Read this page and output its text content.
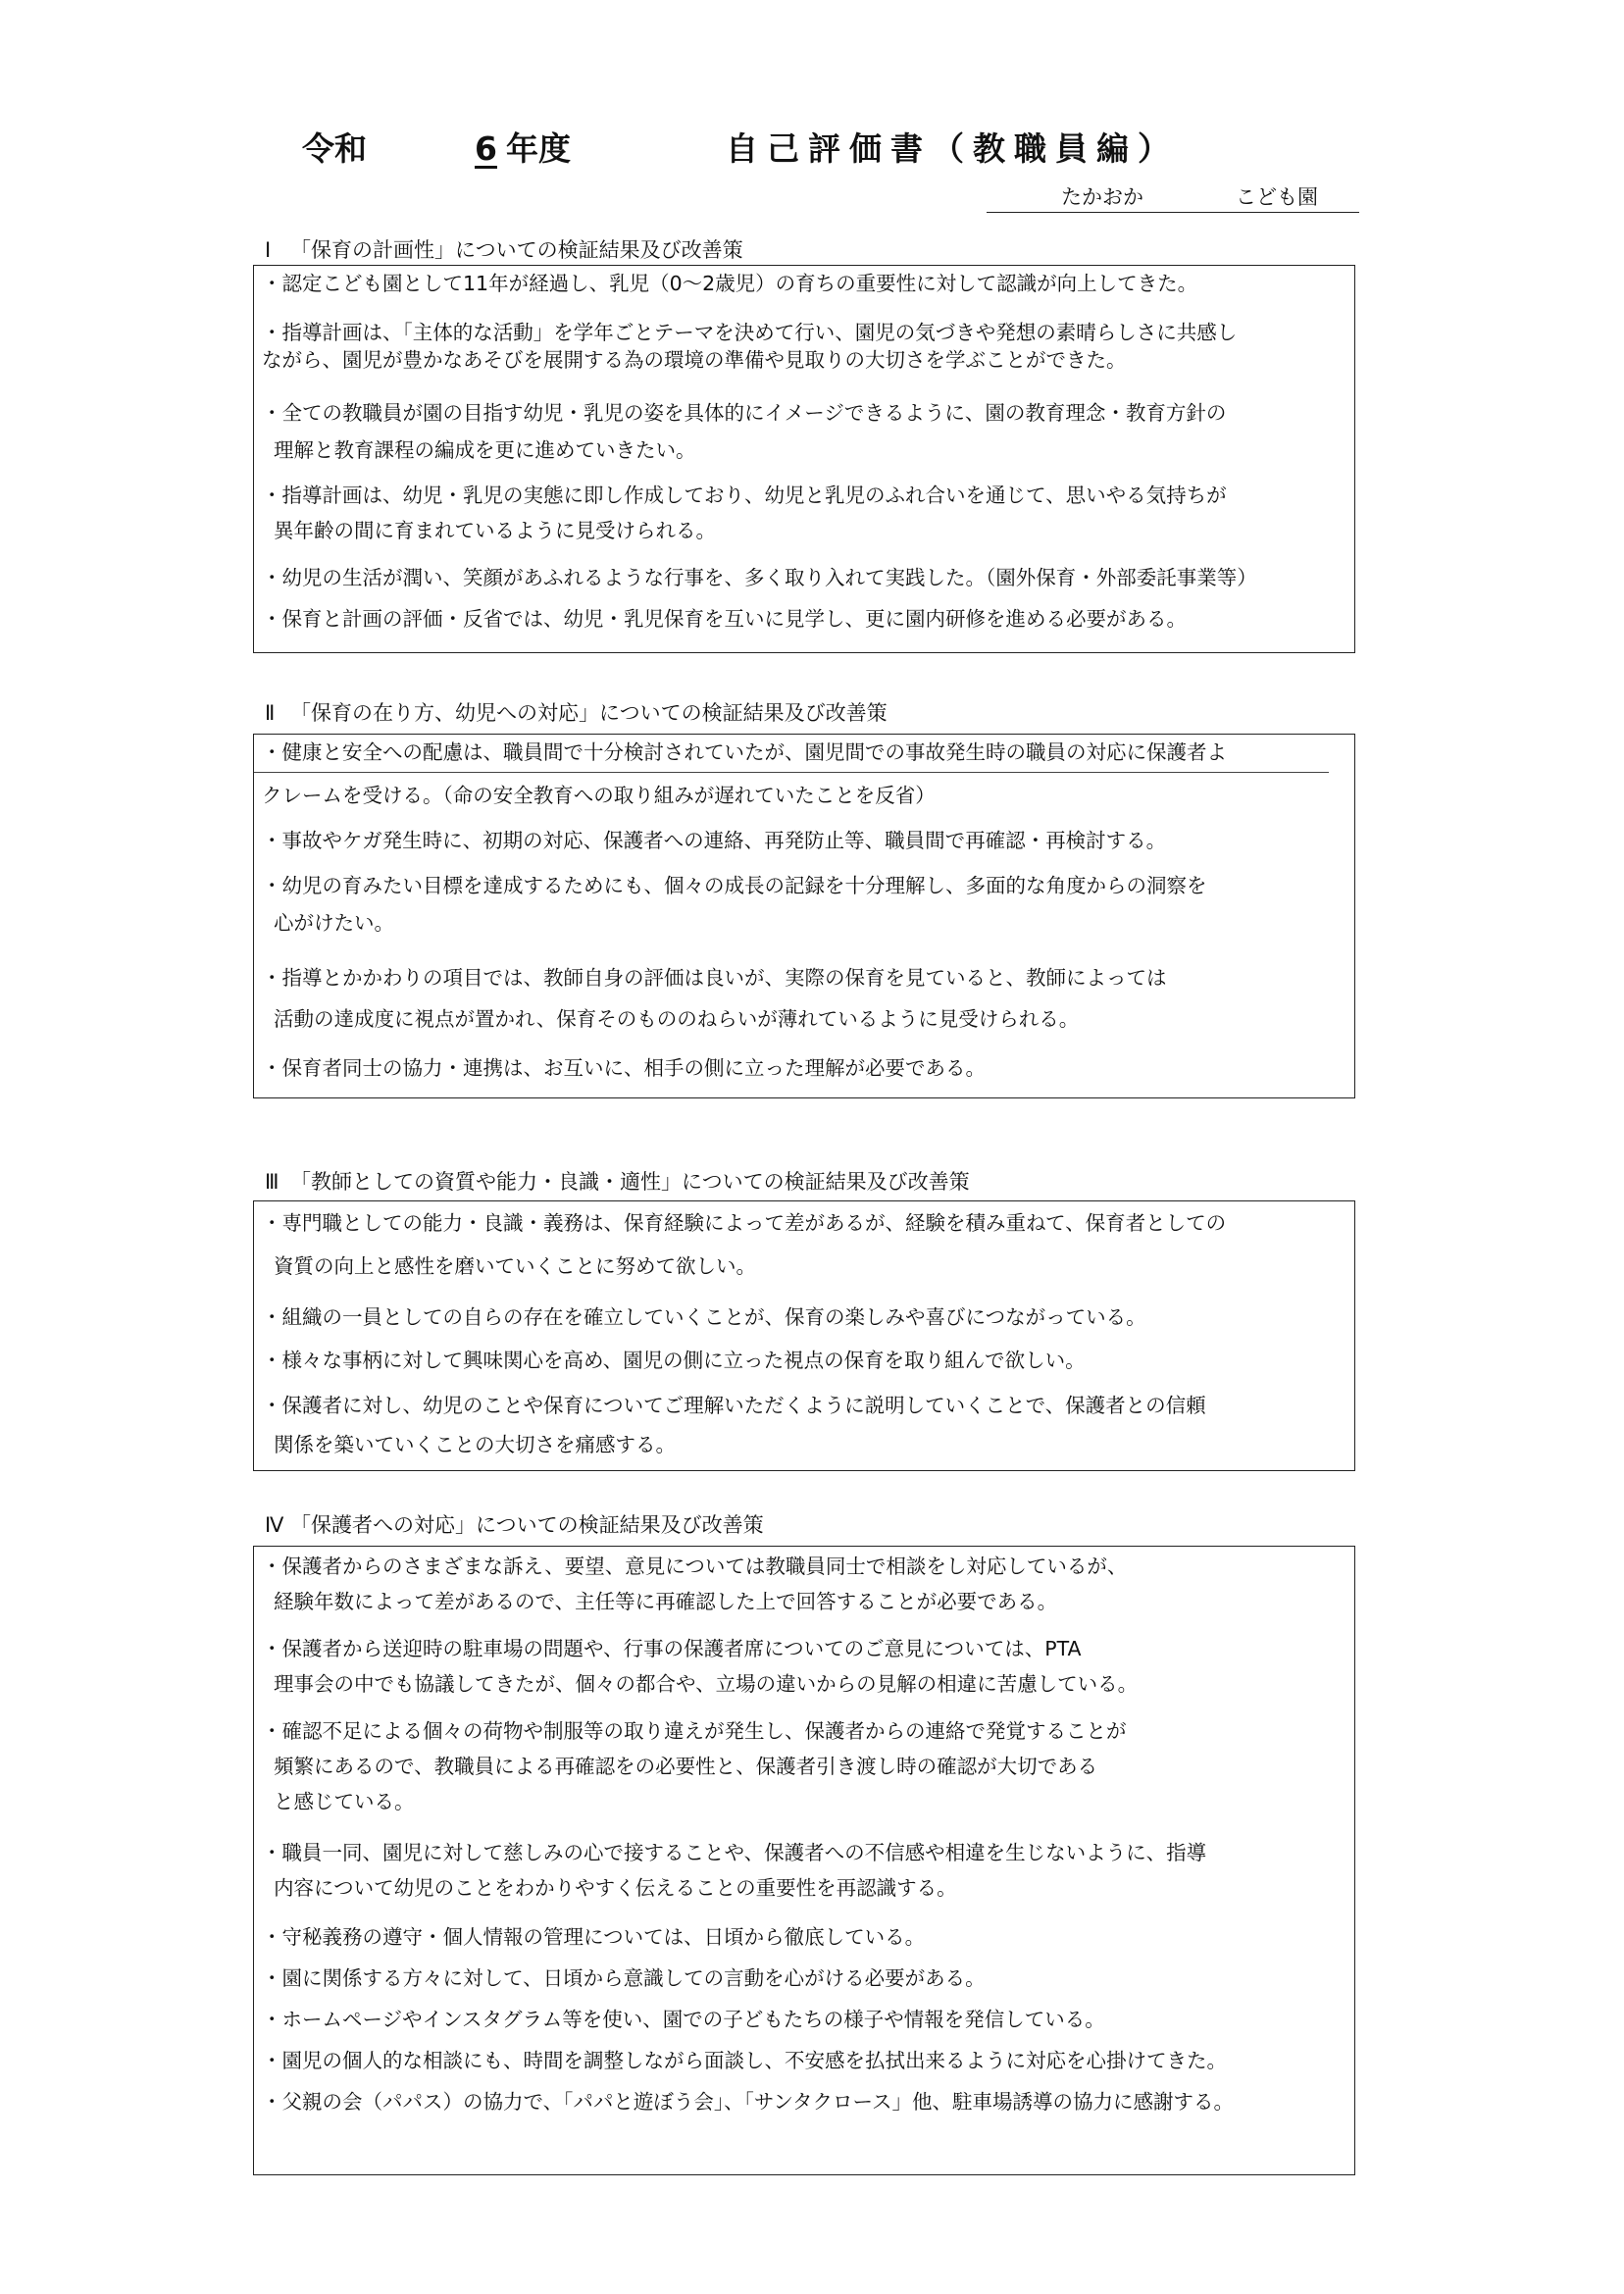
令和	6 年度	自己評価書（教職員編）
たかおか	こども園
Ⅰ 「保育の計画性」についての検証結果及び改善策
・認定こども園として11年が経過し、乳児（0～2歳児）の育ちの重要性に対して認識が向上してきた。
・指導計画は、「主体的な活動」を学年ごとテーマを決めて行い、園児の気づきや発想の素晴らしさに共感し
ながら、園児が豊かなあそびを展開する為の環境の準備や見取りの大切さを学ぶことができた。
・全ての教職員が園の目指す幼児・乳児の姿を具体的にイメージできるように、園の教育理念・教育方針の
理解と教育課程の編成を更に進めていきたい。
・指導計画は、幼児・乳児の実態に即し作成しており、幼児と乳児のふれ合いを通じて、思いやる気持ちが
異年齢の間に育まれているように見受けられる。
・幼児の生活が潤い、笑顔があふれるような行事を、多く取り入れて実践した。（園外保育・外部委託事業等）
・保育と計画の評価・反省では、幼児・乳児保育を互いに見学し、更に園内研修を進める必要がある。
Ⅱ 「保育の在り方、幼児への対応」についての検証結果及び改善策
・健康と安全への配慮は、職員間で十分検討されていたが、園児間での事故発生時の職員の対応に保護者よ
クレームを受ける。（命の安全教育への取り組みが遅れていたことを反省）
・事故やケガ発生時に、初期の対応、保護者への連絡、再発防止等、職員間で再確認・再検討する。
・幼児の育みたい目標を達成するためにも、個々の成長の記録を十分理解し、多面的な角度からの洞察を
心がけたい。
・指導とかかわりの項目では、教師自身の評価は良いが、実際の保育を見ていると、教師によっては
活動の達成度に視点が置かれ、保育そのもののねらいが薄れているように見受けられる。
・保育者同士の協力・連携は、お互いに、相手の側に立った理解が必要である。
Ⅲ 「教師としての資質や能力・良識・適性」についての検証結果及び改善策
・専門職としての能力・良識・義務は、保育経験によって差があるが、経験を積み重ねて、保育者としての
資質の向上と感性を磨いていくことに努めて欲しい。
・組織の一員としての自らの存在を確立していくことが、保育の楽しみや喜びにつながっている。
・様々な事柄に対して興味関心を高め、園児の側に立った視点の保育を取り組んで欲しい。
・保護者に対し、幼児のことや保育についてご理解いただくように説明していくことで、保護者との信頼
関係を築いていくことの大切さを痛感する。
Ⅳ 「保護者への対応」についての検証結果及び改善策
・保護者からのさまざまな訴え、要望、意見については教職員同士で相談をし対応しているが、
経験年数によって差があるので、主任等に再確認した上で回答することが必要である。
・保護者から送迎時の駐車場の問題や、行事の保護者席についてのご意見については、PTA
理事会の中でも協議してきたが、個々の都合や、立場の違いからの見解の相違に苦慮している。
・確認不足による個々の荷物や制服等の取り違えが発生し、保護者からの連絡で発覚することが
頻繁にあるので、教職員による再確認をの必要性と、保護者引き渡し時の確認が大切である
と感じている。
・職員一同、園児に対して慈しみの心で接することや、保護者への不信感や相違を生じないように、指導
内容について幼児のことをわかりやすく伝えることの重要性を再認識する。
・守秘義務の遵守・個人情報の管理については、日頃から徹底している。
・園に関係する方々に対して、日頃から意識しての言動を心がける必要がある。
・ホームページやインスタグラム等を使い、園での子どもたちの様子や情報を発信している。
・園児の個人的な相談にも、時間を調整しながら面談し、不安感を払拭出来るように対応を心掛けてきた。
・父親の会（パパス）の協力で、「パパと遊ぼう会」、「サンタクロース」他、駐車場誘導の協力に感謝する。
